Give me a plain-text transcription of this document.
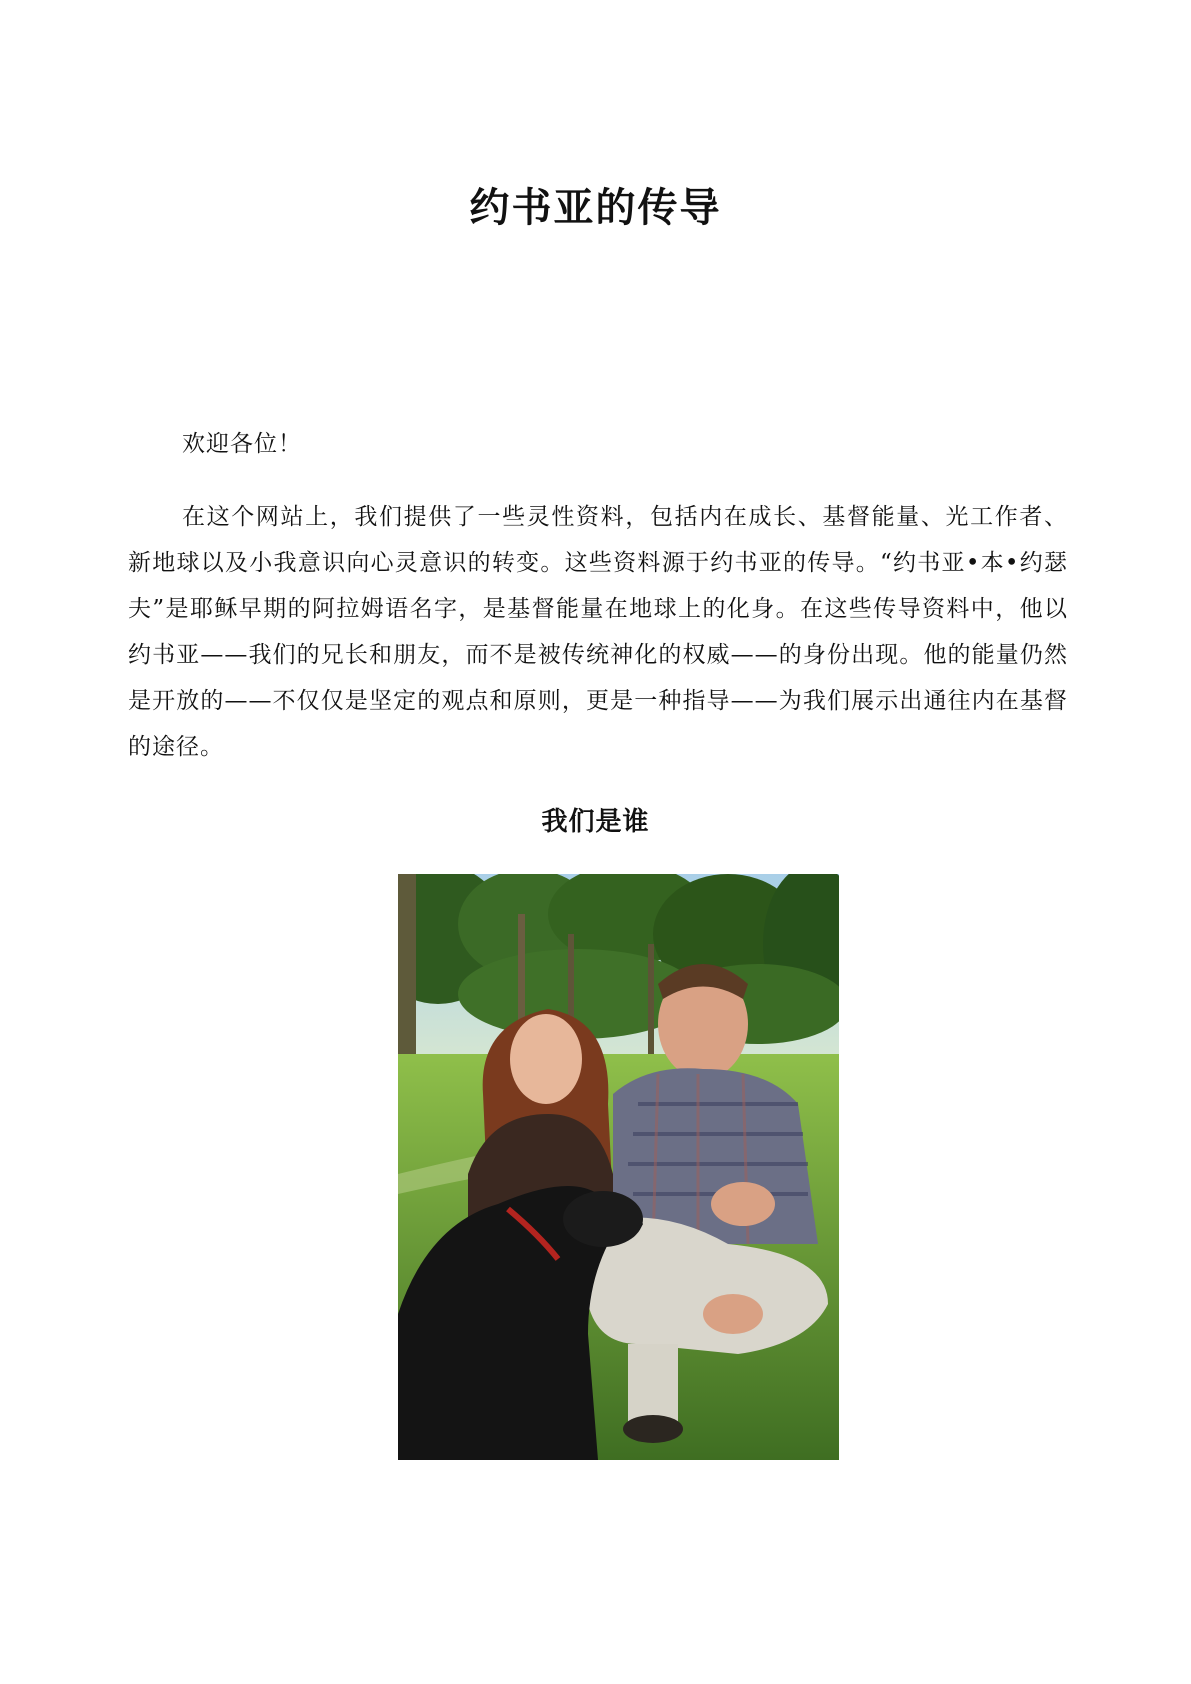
约书亚的传导

欢迎各位！

在这个网站上，我们提供了一些灵性资料，包括内在成长、基督能量、光工作者、新地球以及小我意识向心灵意识的转变。这些资料源于约书亚的传导。“约书亚•本•约瑟夫”是耶稣早期的阿拉姆语名字，是基督能量在地球上的化身。在这些传导资料中，他以约书亚——我们的兄长和朋友，而不是被传统神化的权威——的身份出现。他的能量仍然是开放的——不仅仅是坚定的观点和原则，更是一种指导——为我们展示出通往内在基督的途径。

我们是谁
